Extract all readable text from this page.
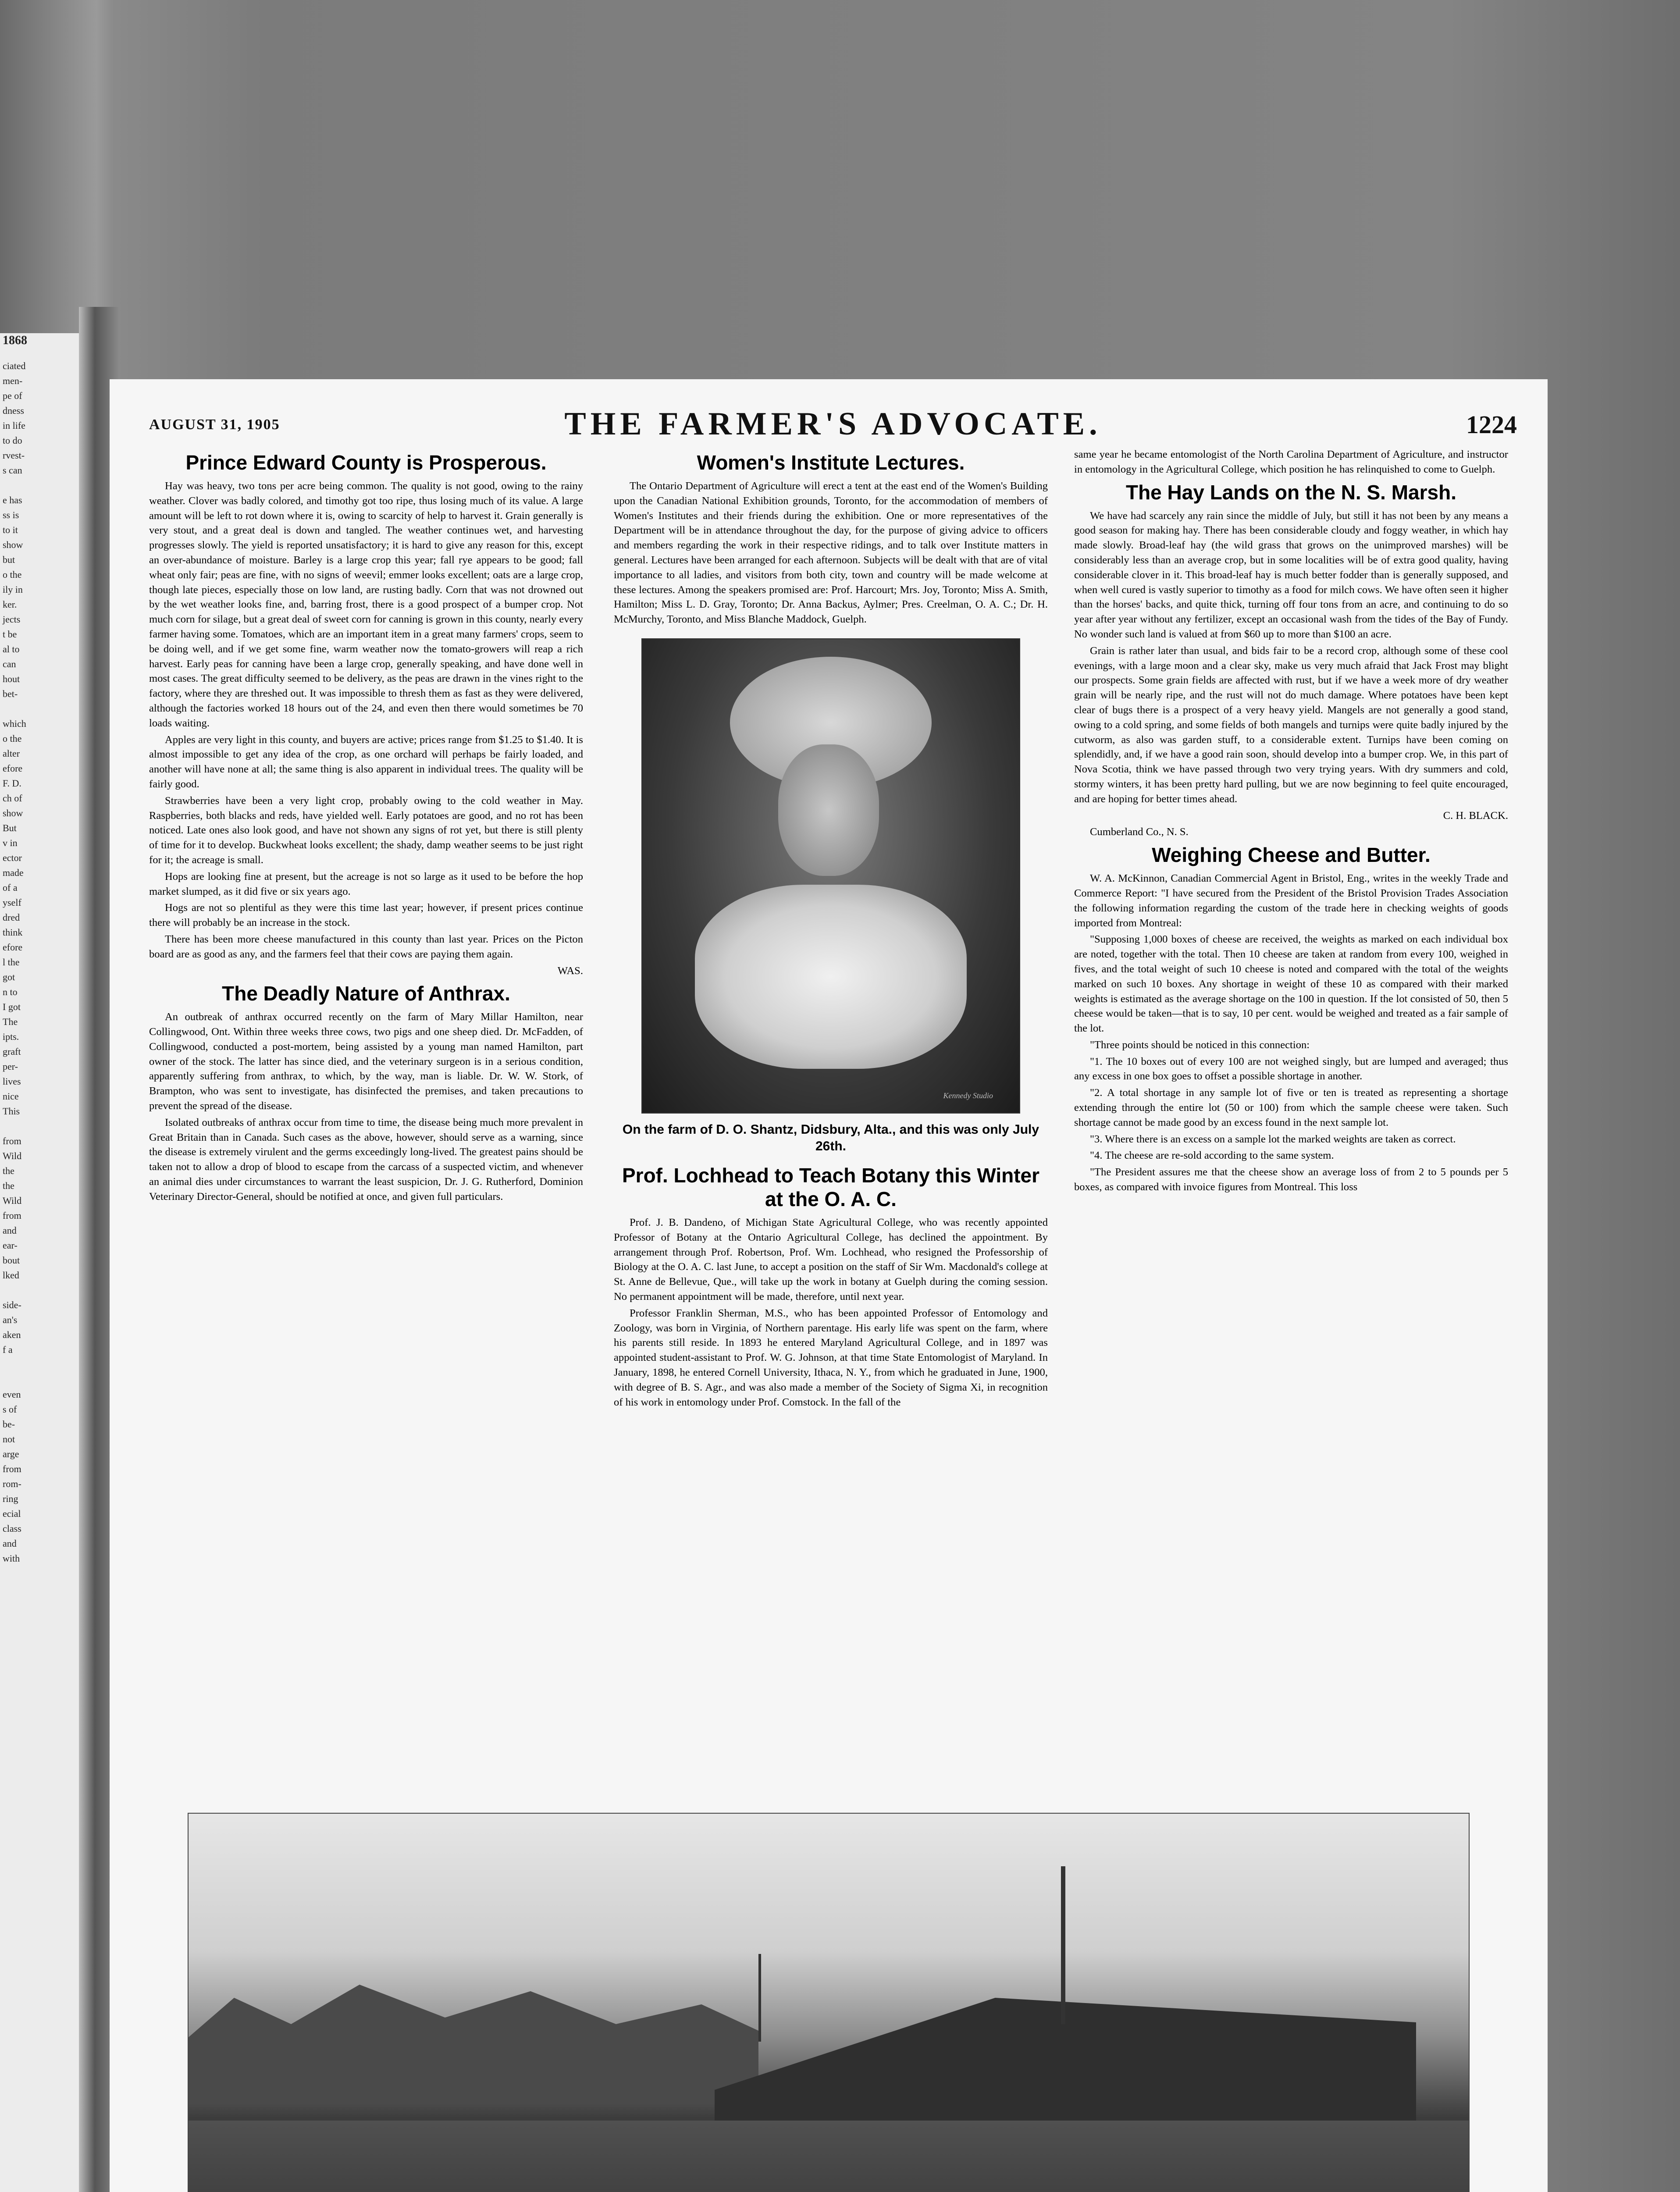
1868
ciated
men-
pe of
dness
in life
to do
rvest-
s can

e has
ss is
to it
show
but
o the
ily in
ker.
jects
t be
al to
can
hout
bet-

which
o the
alter
efore
F. D.
ch of
show
But
v in
ector
made
of a
yself
dred
think
efore
l the
got
n to
I got
The
ipts.
graft
per-
lives
nice
This

from
Wild
the
the
Wild
from
and
ear-
bout
lked

side-
an's
aken
f a

even
s of
be-
not
arge
from
rom-
ring
ecial
class
and
with
AUGUST 31, 1905	THE FARMER'S ADVOCATE.	1224
Prince Edward County is Prosperous.

Hay was heavy, two tons per acre being common. The quality is not good, owing to the rainy weather. Clover was badly colored, and timothy got too ripe, thus losing much of its value. A large amount will be left to rot down where it is, owing to scarcity of help to harvest it. Grain generally is very stout, and a great deal is down and tangled. The weather continues wet, and harvesting progresses slowly. The yield is reported unsatisfactory; it is hard to give any reason for this, except an over-abundance of moisture. Barley is a large crop this year; fall rye appears to be good; fall wheat only fair; peas are fine, with no signs of weevil; emmer looks excellent; oats are a large crop, though late pieces, especially those on low land, are rusting badly. Corn that was not drowned out by the wet weather looks fine, and, barring frost, there is a good prospect of a bumper crop. Not much corn for silage, but a great deal of sweet corn for canning is grown in this county, nearly every farmer having some. Tomatoes, which are an important item in a great many farmers' crops, seem to be doing well, and if we get some fine, warm weather now the tomato-growers will reap a rich harvest. Early peas for canning have been a large crop, generally speaking, and have done well in most cases. The great difficulty seemed to be delivery, as the peas are drawn in the vines right to the factory, where they are threshed out. It was impossible to thresh them as fast as they were delivered, although the factories worked 18 hours out of the 24, and even then there would sometimes be 70 loads waiting.

Apples are very light in this county, and buyers are active; prices range from $1.25 to $1.40. It is almost impossible to get any idea of the crop, as one orchard will perhaps be fairly loaded, and another will have none at all; the same thing is also apparent in individual trees. The quality will be fairly good.

Strawberries have been a very light crop, probably owing to the cold weather in May. Raspberries, both blacks and reds, have yielded well. Early potatoes are good, and no rot has been noticed. Late ones also look good, and have not shown any signs of rot yet, but there is still plenty of time for it to develop. Buckwheat looks excellent; the shady, damp weather seems to be just right for it; the acreage is small.

Hops are looking fine at present, but the acreage is not so large as it used to be before the hop market slumped, as it did five or six years ago.

Hogs are not so plentiful as they were this time last year; however, if present prices continue there will probably be an increase in the stock.

There has been more cheese manufactured in this county than last year. Prices on the Picton board are as good as any, and the farmers feel that their cows are paying them again.

WAS.

The Deadly Nature of Anthrax.

An outbreak of anthrax occurred recently on the farm of Mary Millar Hamilton, near Collingwood, Ont. Within three weeks three cows, two pigs and one sheep died. Dr. McFadden, of Collingwood, conducted a post-mortem, being assisted by a young man named Hamilton, part owner of the stock. The latter has since died, and the veterinary surgeon is in a serious condition, apparently suffering from anthrax, to which, by the way, man is liable. Dr. W. W. Stork, of Brampton, who was sent to investigate, has disinfected the premises, and taken precautions to prevent the spread of the disease.

Isolated outbreaks of anthrax occur from time to time, the disease being much more prevalent in Great Britain than in Canada. Such cases as the above, however, should serve as a warning, since the disease is extremely virulent and the germs exceedingly long-lived. The greatest pains should be taken not to allow a drop of blood to escape from the carcass of a suspected victim, and whenever an animal dies under circumstances to warrant the least suspicion, Dr. J. G. Rutherford, Dominion Veterinary Director-General, should be notified at once, and given full particulars.

Women's Institute Lectures.

The Ontario Department of Agriculture will erect a tent at the east end of the Women's Building upon the Canadian National Exhibition grounds, Toronto, for the accommodation of members of Women's Institutes and their friends during the exhibition. One or more representatives of the Department will be in attendance throughout the day, for the purpose of giving advice to officers and members regarding the work in their respective ridings, and to talk over Institute matters in general. Lectures have been arranged for each afternoon. Subjects will be dealt with that are of vital importance to all ladies, and visitors from both city, town and country will be made welcome at these lectures. Among the speakers promised are: Prof. Harcourt; Mrs. Joy, Toronto; Miss A. Smith, Hamilton; Miss L. D. Gray, Toronto; Dr. Anna Backus, Aylmer; Pres. Creelman, O. A. C.; Dr. H. McMurchy, Toronto, and Miss Blanche Maddock, Guelph.

Kennedy Studio
On the farm of D. O. Shantz, Didsbury, Alta., and this was only July 26th.
Prof. Lochhead to Teach Botany this Winter at the O. A. C.

Prof. J. B. Dandeno, of Michigan State Agricultural College, who was recently appointed Professor of Botany at the Ontario Agricultural College, has declined the appointment. By arrangement through Prof. Robertson, Prof. Wm. Lochhead, who resigned the Professorship of Biology at the O. A. C. last June, to accept a position on the staff of Sir Wm. Macdonald's college at St. Anne de Bellevue, Que., will take up the work in botany at Guelph during the coming session. No permanent appointment will be made, therefore, until next year.

Professor Franklin Sherman, M.S., who has been appointed Professor of Entomology and Zoology, was born in Virginia, of Northern parentage. His early life was spent on the farm, where his parents still reside. In 1893 he entered Maryland Agricultural College, and in 1897 was appointed student-assistant to Prof. W. G. Johnson, at that time State Entomologist of Maryland. In January, 1898, he entered Cornell University, Ithaca, N. Y., from which he graduated in June, 1900, with degree of B. S. Agr., and was also made a member of the Society of Sigma Xi, in recognition of his work in entomology under Prof. Comstock. In the fall of the

same year he became entomologist of the North Carolina Department of Agriculture, and instructor in entomology in the Agricultural College, which position he has relinquished to come to Guelph.

The Hay Lands on the N. S. Marsh.

We have had scarcely any rain since the middle of July, but still it has not been by any means a good season for making hay. There has been considerable cloudy and foggy weather, in which hay made slowly. Broad-leaf hay (the wild grass that grows on the unimproved marshes) will be considerably less than an average crop, but in some localities will be of extra good quality, having considerable clover in it. This broad-leaf hay is much better fodder than is generally supposed, and when well cured is vastly superior to timothy as a food for milch cows. We have often seen it higher than the horses' backs, and quite thick, turning off four tons from an acre, and continuing to do so year after year without any fertilizer, except an occasional wash from the tides of the Bay of Fundy. No wonder such land is valued at from $60 up to more than $100 an acre.

Grain is rather later than usual, and bids fair to be a record crop, although some of these cool evenings, with a large moon and a clear sky, make us very much afraid that Jack Frost may blight our prospects. Some grain fields are affected with rust, but if we have a week more of dry weather grain will be nearly ripe, and the rust will not do much damage. Where potatoes have been kept clear of bugs there is a prospect of a very heavy yield. Mangels are not generally a good stand, owing to a cold spring, and some fields of both mangels and turnips were quite badly injured by the cutworm, as also was garden stuff, to a considerable extent. Turnips have been coming on splendidly, and, if we have a good rain soon, should develop into a bumper crop. We, in this part of Nova Scotia, think we have passed through two very trying years. With dry summers and cold, stormy winters, it has been pretty hard pulling, but we are now beginning to feel quite encouraged, and are hoping for better times ahead.

C. H. BLACK.

Cumberland Co., N. S.

Weighing Cheese and Butter.

W. A. McKinnon, Canadian Commercial Agent in Bristol, Eng., writes in the weekly Trade and Commerce Report: "I have secured from the President of the Bristol Provision Trades Association the following information regarding the custom of the trade here in checking weights of goods imported from Montreal:

"Supposing 1,000 boxes of cheese are received, the weights as marked on each individual box are noted, together with the total. Then 10 cheese are taken at random from every 100, weighed in fives, and the total weight of such 10 cheese is noted and compared with the total of the weights marked on such 10 boxes. Any shortage in weight of these 10 as compared with their marked weights is estimated as the average shortage on the 100 in question. If the lot consisted of 50, then 5 cheese would be taken—that is to say, 10 per cent. would be weighed and treated as a fair sample of the lot.

"Three points should be noticed in this connection:

"1. The 10 boxes out of every 100 are not weighed singly, but are lumped and averaged; thus any excess in one box goes to offset a possible shortage in another.

"2. A total shortage in any sample lot of five or ten is treated as representing a shortage extending through the entire lot (50 or 100) from which the sample cheese were taken. Such shortage cannot be made good by an excess found in the next sample lot.

"3. Where there is an excess on a sample lot the marked weights are taken as correct.

"4. The cheese are re-sold according to the same system.

"The President assures me that the cheese show an average loss of from 2 to 5 pounds per 5 boxes, as compared with invoice figures from Montreal. This loss
